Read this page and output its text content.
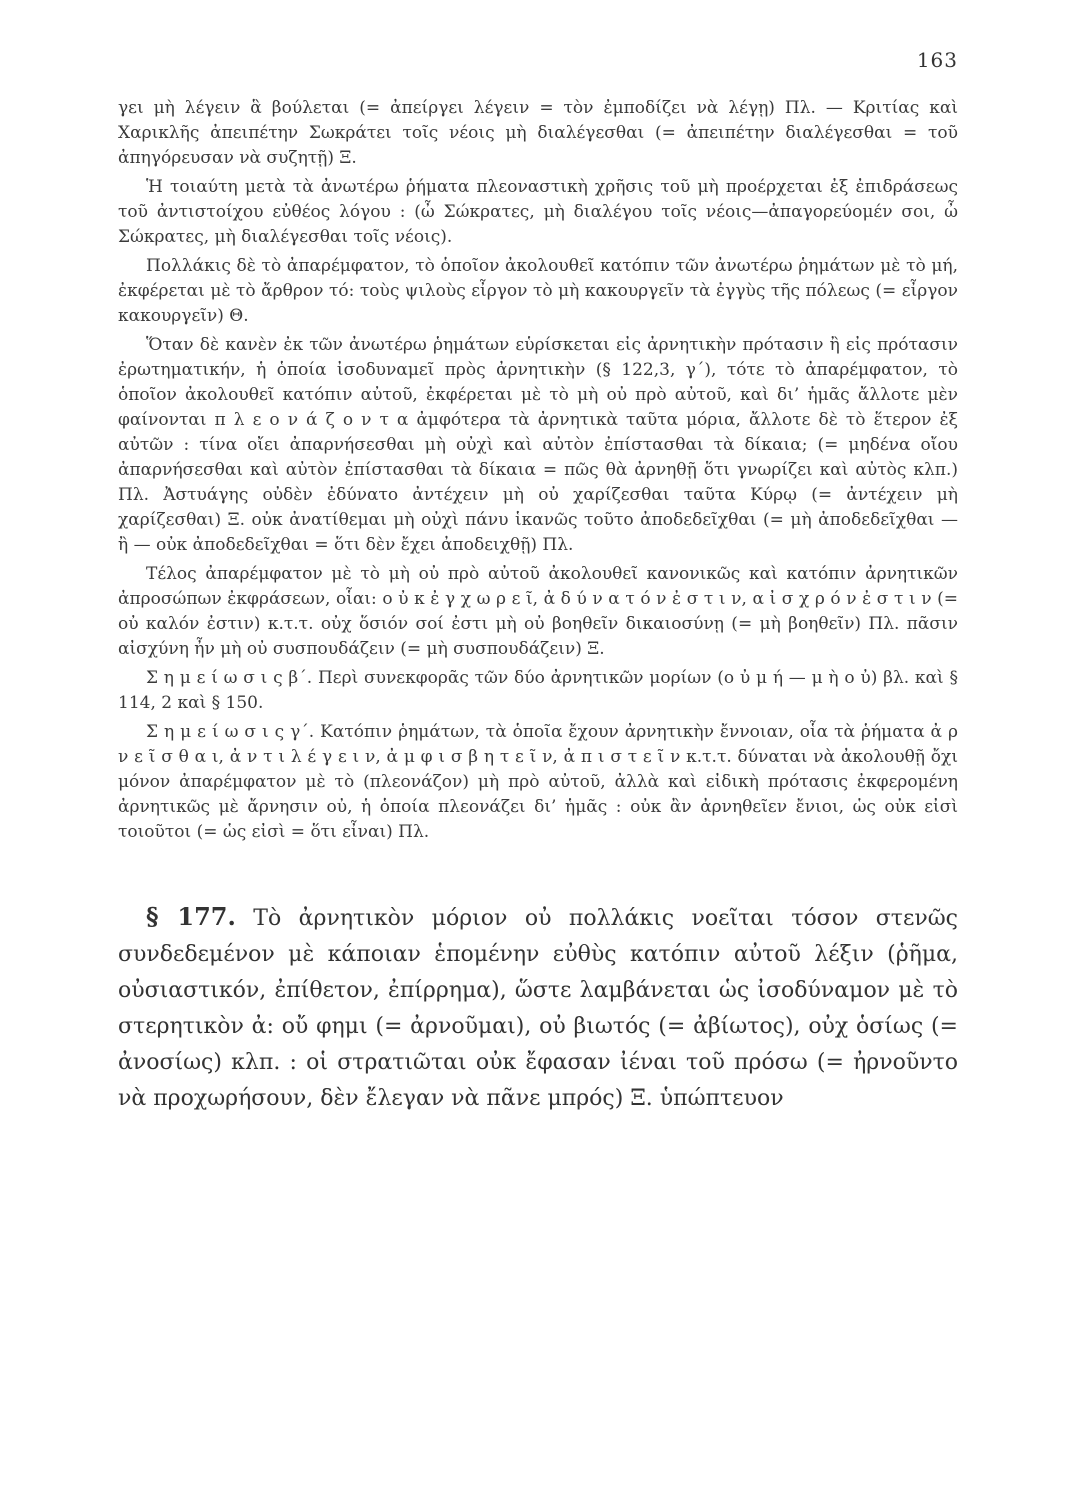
163

γει μὴ λέγειν ἃ βούλεται (= ἀπείργει λέγειν = τὸν ἐμποδίζει νὰ λέγῃ) Πλ. — Κριτίας καὶ Χαρικλῆς ἀπειπέτην Σωκράτει τοῖς νέοις μὴ διαλέγεσθαι (= ἀπειπέτην διαλέγεσθαι = τοῦ ἀπηγόρευσαν νὰ συζητῇ) Ξ.

Ἡ τοιαύτη μετὰ τὰ ἀνωτέρω ῥήματα πλεοναστικὴ χρῆσις τοῦ μὴ προέρχεται ἐξ ἐπιδράσεως τοῦ ἀντιστοίχου εὐθέος λόγου : (ὦ Σώκρατες, μὴ διαλέγου τοῖς νέοις—ἀπαγορεύομέν σοι, ὦ Σώκρατες, μὴ διαλέγεσθαι τοῖς νέοις).

Πολλάκις δὲ τὸ ἀπαρέμφατον, τὸ ὁποῖον ἀκολουθεῖ κατόπιν τῶν ἀνωτέρω ῥημάτων μὲ τὸ μή, ἐκφέρεται μὲ τὸ ἄρθρον τό: τοὺς ψιλοὺς εἶργον τὸ μὴ κακουργεῖν τὰ ἐγγὺς τῆς πόλεως (= εἶργον κακουργεῖν) Θ.

Ὅταν δὲ κανὲν ἐκ τῶν ἀνωτέρω ῥημάτων εὑρίσκεται εἰς ἀρνητικὴν πρότασιν ἢ εἰς πρότασιν ἐρωτηματικήν, ἡ ὁποία ἰσοδυναμεῖ πρὸς ἀρνητικὴν (§ 122,3, γ΄), τότε τὸ ἀπαρέμφατον, τὸ ὁποῖον ἀκολουθεῖ κατόπιν αὐτοῦ, ἐκφέρεται μὲ τὸ μὴ οὐ πρὸ αὐτοῦ, καὶ δι’ ἡμᾶς ἄλλοτε μὲν φαίνονται π λ ε ο ν ά ζ ο ν τ α ἀμφότερα τὰ ἀρνητικὰ ταῦτα μόρια, ἄλλοτε δὲ τὸ ἕτερον ἐξ αὐτῶν : τίνα οἴει ἀπαρνήσεσθαι μὴ οὐχὶ καὶ αὐτὸν ἐπίστασθαι τὰ δίκαια; (= μηδένα οἴου ἀπαρνήσεσθαι καὶ αὐτὸν ἐπίστασθαι τὰ δίκαια = πῶς θὰ ἀρνηθῇ ὅτι γνωρίζει καὶ αὐτὸς κλπ.) Πλ. Ἀστυάγης οὐδὲν ἐδύνατο ἀντέχειν μὴ οὐ χαρίζεσθαι ταῦτα Κύρῳ (= ἀντέχειν μὴ χαρίζεσθαι) Ξ. οὐκ ἀνατίθεμαι μὴ οὐχὶ πάνυ ἱκανῶς τοῦτο ἀποδεδεῖχθαι (= μὴ ἀποδεδεῖχθαι — ἢ — οὐκ ἀποδεδεῖχθαι = ὅτι δὲν ἔχει ἀποδειχθῇ) Πλ.

Τέλος ἀπαρέμφατον μὲ τὸ μὴ οὐ πρὸ αὐτοῦ ἀκολουθεῖ κανονικῶς καὶ κατόπιν ἀρνητικῶν ἀπροσώπων ἐκφράσεων, οἷαι: ο ὐ κ ἐ γ χ ω ρ ε ῖ, ἀ δ ύ ν α τ ό ν ἐ σ τ ι ν, α ἰ σ χ ρ ό ν ἐ σ τ ι ν (= οὐ καλόν ἐστιν) κ.τ.τ. οὐχ ὅσιόν σοί ἐστι μὴ οὐ βοηθεῖν δικαιοσύνῃ (= μὴ βοηθεῖν) Πλ. πᾶσιν αἰσχύνη ἦν μὴ οὐ συσπουδάζειν (= μὴ συσπουδάζειν) Ξ.

Σ η μ ε ί ω σ ι ς β΄. Περὶ συνεκφορᾶς τῶν δύο ἀρνητικῶν μορίων (ο ὐ μ ή — μ ὴ ο ὐ) βλ. καὶ § 114, 2 καὶ § 150.

Σ η μ ε ί ω σ ι ς γ΄. Κατόπιν ῥημάτων, τὰ ὁποῖα ἔχουν ἀρνητικὴν ἔννοιαν, οἷα τὰ ῥήματα ἀ ρ ν ε ῖ σ θ α ι, ἀ ν τ ι λ έ γ ε ι ν, ἀ μ φ ι σ β η τ ε ῖ ν, ἀ π ι σ τ ε ῖ ν κ.τ.τ. δύναται νὰ ἀκολουθῇ ὄχι μόνον ἀπαρέμφατον μὲ τὸ (πλεονάζον) μὴ πρὸ αὐτοῦ, ἀλλὰ καὶ εἰδικὴ πρότασις ἐκφερομένη ἀρνητικῶς μὲ ἄρνησιν οὐ, ἡ ὁποία πλεονάζει δι’ ἡμᾶς : οὐκ ἂν ἀρνηθεῖεν ἔνιοι, ὡς οὐκ εἰσὶ τοιοῦτοι (= ὡς εἰσὶ = ὅτι εἶναι) Πλ.

§ 177. Τὸ ἀρνητικὸν μόριον οὐ πολλάκις νοεῖται τόσον στενῶς συνδεδεμένον μὲ κάποιαν ἑπομένην εὐθὺς κατόπιν αὐτοῦ λέξιν (ῥῆμα, οὐσιαστικόν, ἐπίθετον, ἐπίρρημα), ὥστε λαμβάνεται ὡς ἰσοδύναμον μὲ τὸ στερητικὸν ἀ: οὔ φημι (= ἀρνοῦμαι), οὐ βιωτός (= ἀβίωτος), οὐχ ὁσίως (= ἀνοσίως) κλπ. : οἱ στρατιῶται οὐκ ἔφασαν ἰέναι τοῦ πρόσω (= ἠρνοῦντο νὰ προχωρήσουν, δὲν ἔλεγαν νὰ πᾶνε μπρός) Ξ. ὑπώπτευον
